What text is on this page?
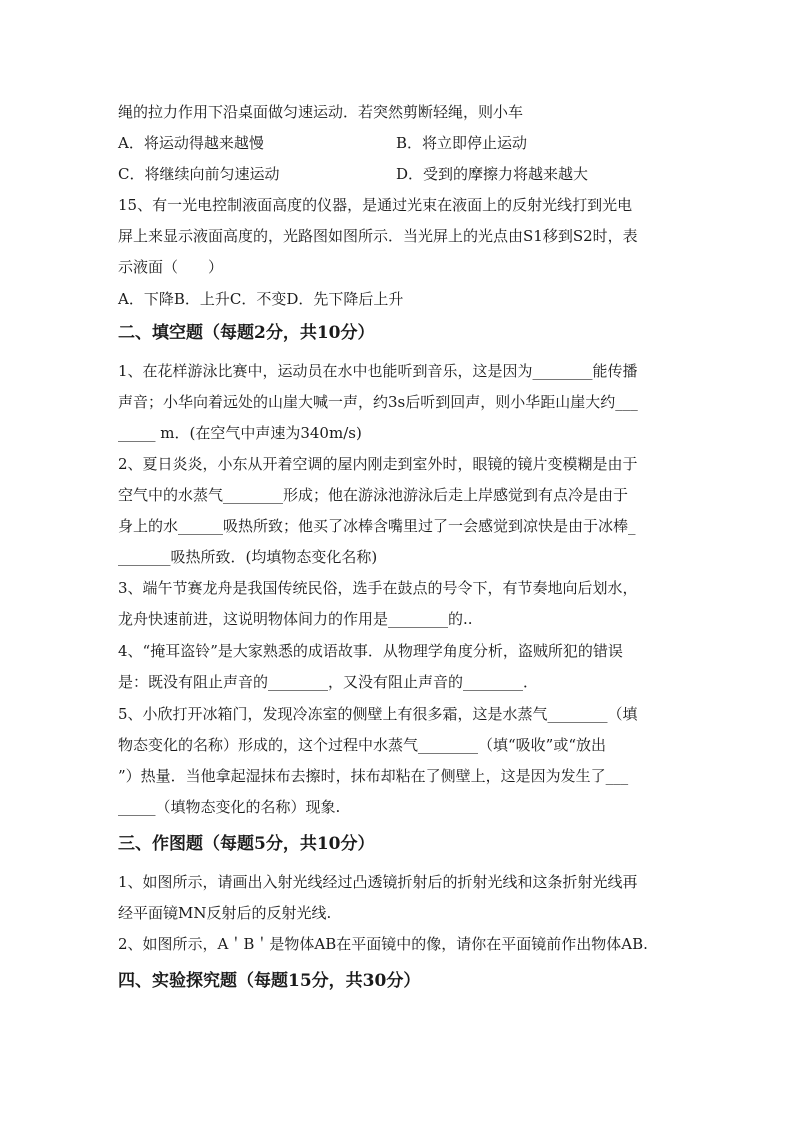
绳的拉力作用下沿桌面做匀速运动．若突然剪断轻绳，则小车
A．将运动得越来越慢	B．将立即停止运动
C．将继续向前匀速运动	D．受到的摩擦力将越来越大
15、有一光电控制液面高度的仪器，是通过光束在液面上的反射光线打到光电
屏上来显示液面高度的，光路图如图所示．当光屏上的光点由S1移到S2时，表
示液面（　　）
A．下降B．上升C．不变D．先下降后上升
二、填空题（每题2分，共10分）
1、在花样游泳比赛中，运动员在水中也能听到音乐，这是因为________能传播
声音；小华向着远处的山崖大喊一声，约3s后听到回声，则小华距山崖大约___
_____ m．(在空气中声速为340m/s)
2、夏日炎炎，小东从开着空调的屋内刚走到室外时，眼镜的镜片变模糊是由于
空气中的水蒸气________形成；他在游泳池游泳后走上岸感觉到有点冷是由于
身上的水______吸热所致；他买了冰棒含嘴里过了一会感觉到凉快是由于冰棒_
_______吸热所致．(均填物态变化名称)
3、端午节赛龙舟是我国传统民俗，选手在鼓点的号令下，有节奏地向后划水，
龙舟快速前进，这说明物体间力的作用是________的..
4、“掩耳盗铃”是大家熟悉的成语故事．从物理学角度分析，盗贼所犯的错误
是：既没有阻止声音的________，又没有阻止声音的________．
5、小欣打开冰箱门，发现冷冻室的侧壁上有很多霜，这是水蒸气________（填
物态变化的名称）形成的，这个过程中水蒸气________（填“吸收”或“放出
”）热量．当他拿起湿抹布去擦时，抹布却粘在了侧壁上，这是因为发生了___
_____（填物态变化的名称）现象.
三、作图题（每题5分，共10分）
1、如图所示，请画出入射光线经过凸透镜折射后的折射光线和这条折射光线再
经平面镜MN反射后的反射光线.
2、如图所示，A＇B＇是物体AB在平面镜中的像，请你在平面镜前作出物体AB.
四、实验探究题（每题15分，共30分）
